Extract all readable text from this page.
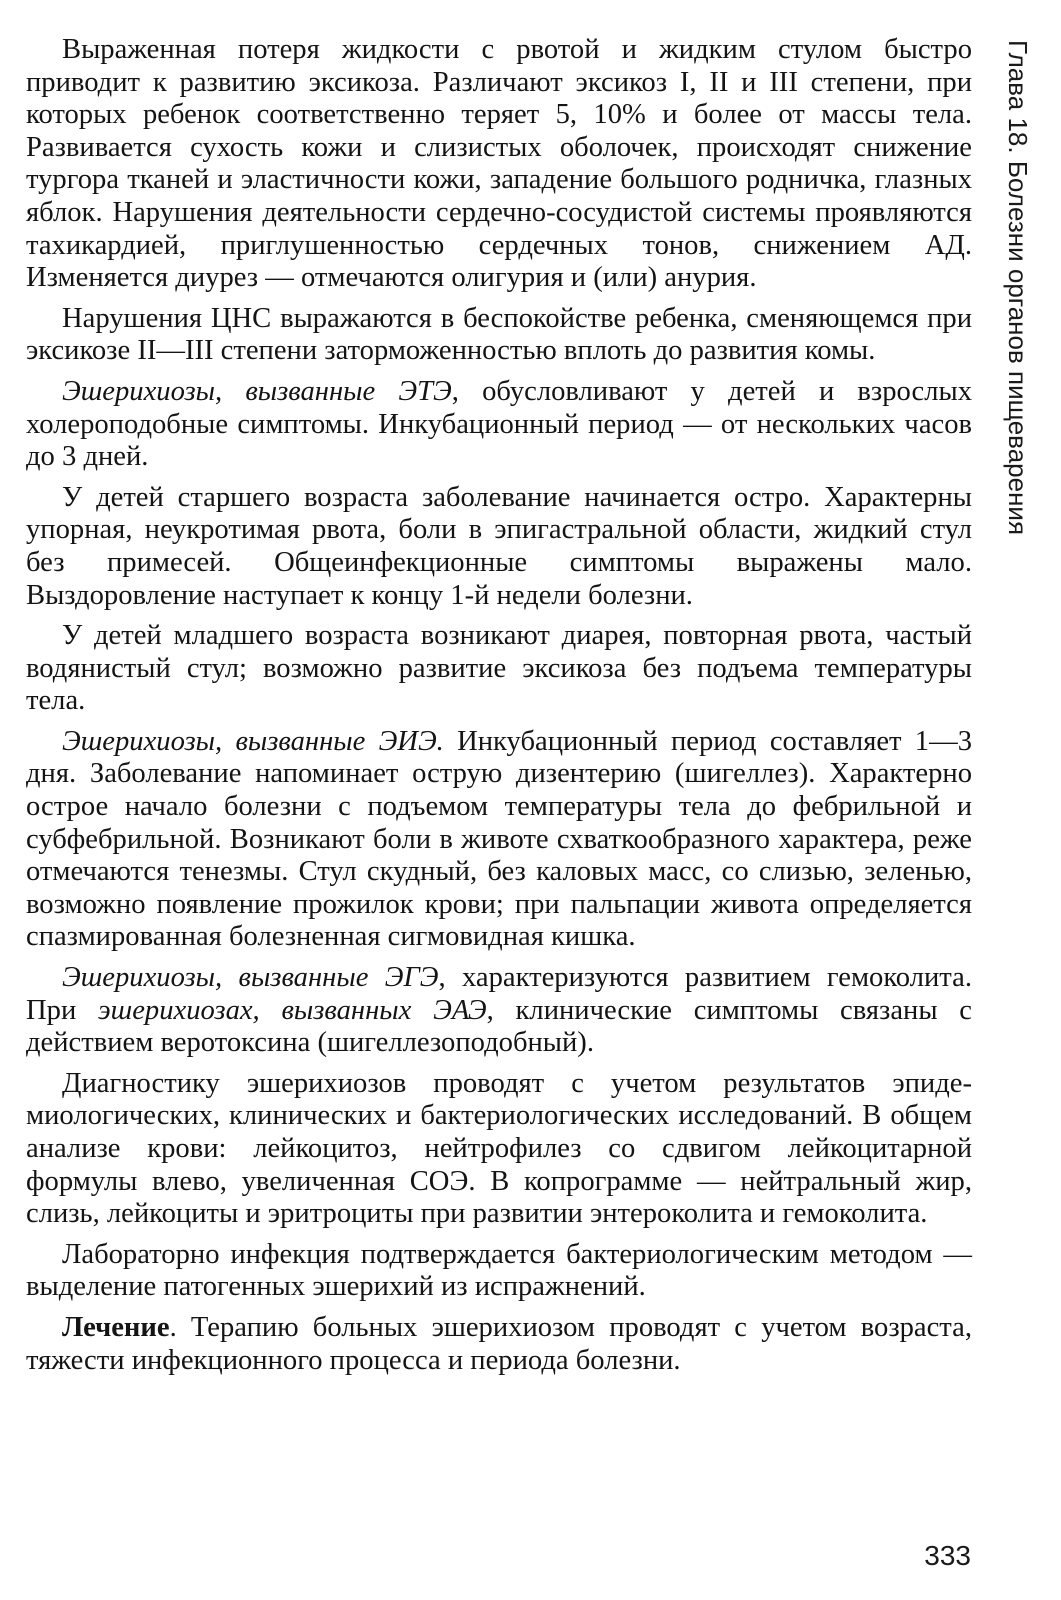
Выраженная потеря жидкости с рвотой и жидким стулом быстро приводит к развитию эксикоза. Различают эксикоз I, II и III степени, при которых ребенок соответственно теряет 5, 10% и более от массы тела. Развивается сухость кожи и слизистых оболочек, происходят снижение тургора тканей и эластичности кожи, западение большого родничка, глазных яблок. Нарушения деятельности сердечно-сосудистой системы проявляются тахикардией, приглушенностью сердечных тонов, снижением АД. Изменяется диурез — отмечаются олигурия и (или) анурия.

Нарушения ЦНС выражаются в беспокойстве ребенка, сменяющемся при эксикозе II—III степени заторможенностью вплоть до развития комы.

Эшерихиозы, вызванные ЭТЭ, обусловливают у детей и взрослых холероподобные симптомы. Инкубационный период — от нескольких часов до 3 дней.

У детей старшего возраста заболевание начинается остро. Характерны упорная, неукротимая рвота, боли в эпигастральной области, жидкий стул без примесей. Общеинфекционные симптомы выражены мало. Выздоровление наступает к концу 1-й недели болезни.

У детей младшего возраста возникают диарея, повторная рвота, частый водянистый стул; возможно развитие эксикоза без подъема температуры тела.

Эшерихиозы, вызванные ЭИЭ. Инкубационный период составляет 1—3 дня. Заболевание напоминает острую дизентерию (шигеллез). Характерно острое начало болезни с подъемом температуры тела до фебрильной и субфебрильной. Возникают боли в животе схваткообразного характера, реже отмечаются тенезмы. Стул скудный, без каловых масс, со слизью, зеленью, возможно появление прожилок крови; при пальпации живота определяется спазмированная болезненная сигмовидная кишка.

Эшерихиозы, вызванные ЭГЭ, характеризуются развитием гемоколита. При эшерихиозах, вызванных ЭАЭ, клинические симптомы связаны с действием веротоксина (шигеллезоподобный).

Диагностику эшерихиозов проводят с учетом результатов эпидемиологических, клинических и бактериологических исследований. В общем анализе крови: лейкоцитоз, нейтрофилез со сдвигом лейкоцитарной формулы влево, увеличенная СОЭ. В копрограмме — нейтральный жир, слизь, лейкоциты и эритроциты при развитии энтероколита и гемоколита.

Лабораторно инфекция подтверждается бактериологическим методом — выделение патогенных эшерихий из испражнений.

Лечение. Терапию больных эшерихиозом проводят с учетом возраста, тяжести инфекционного процесса и периода болезни.

Глава 18. Болезни органов пищеварения
333
